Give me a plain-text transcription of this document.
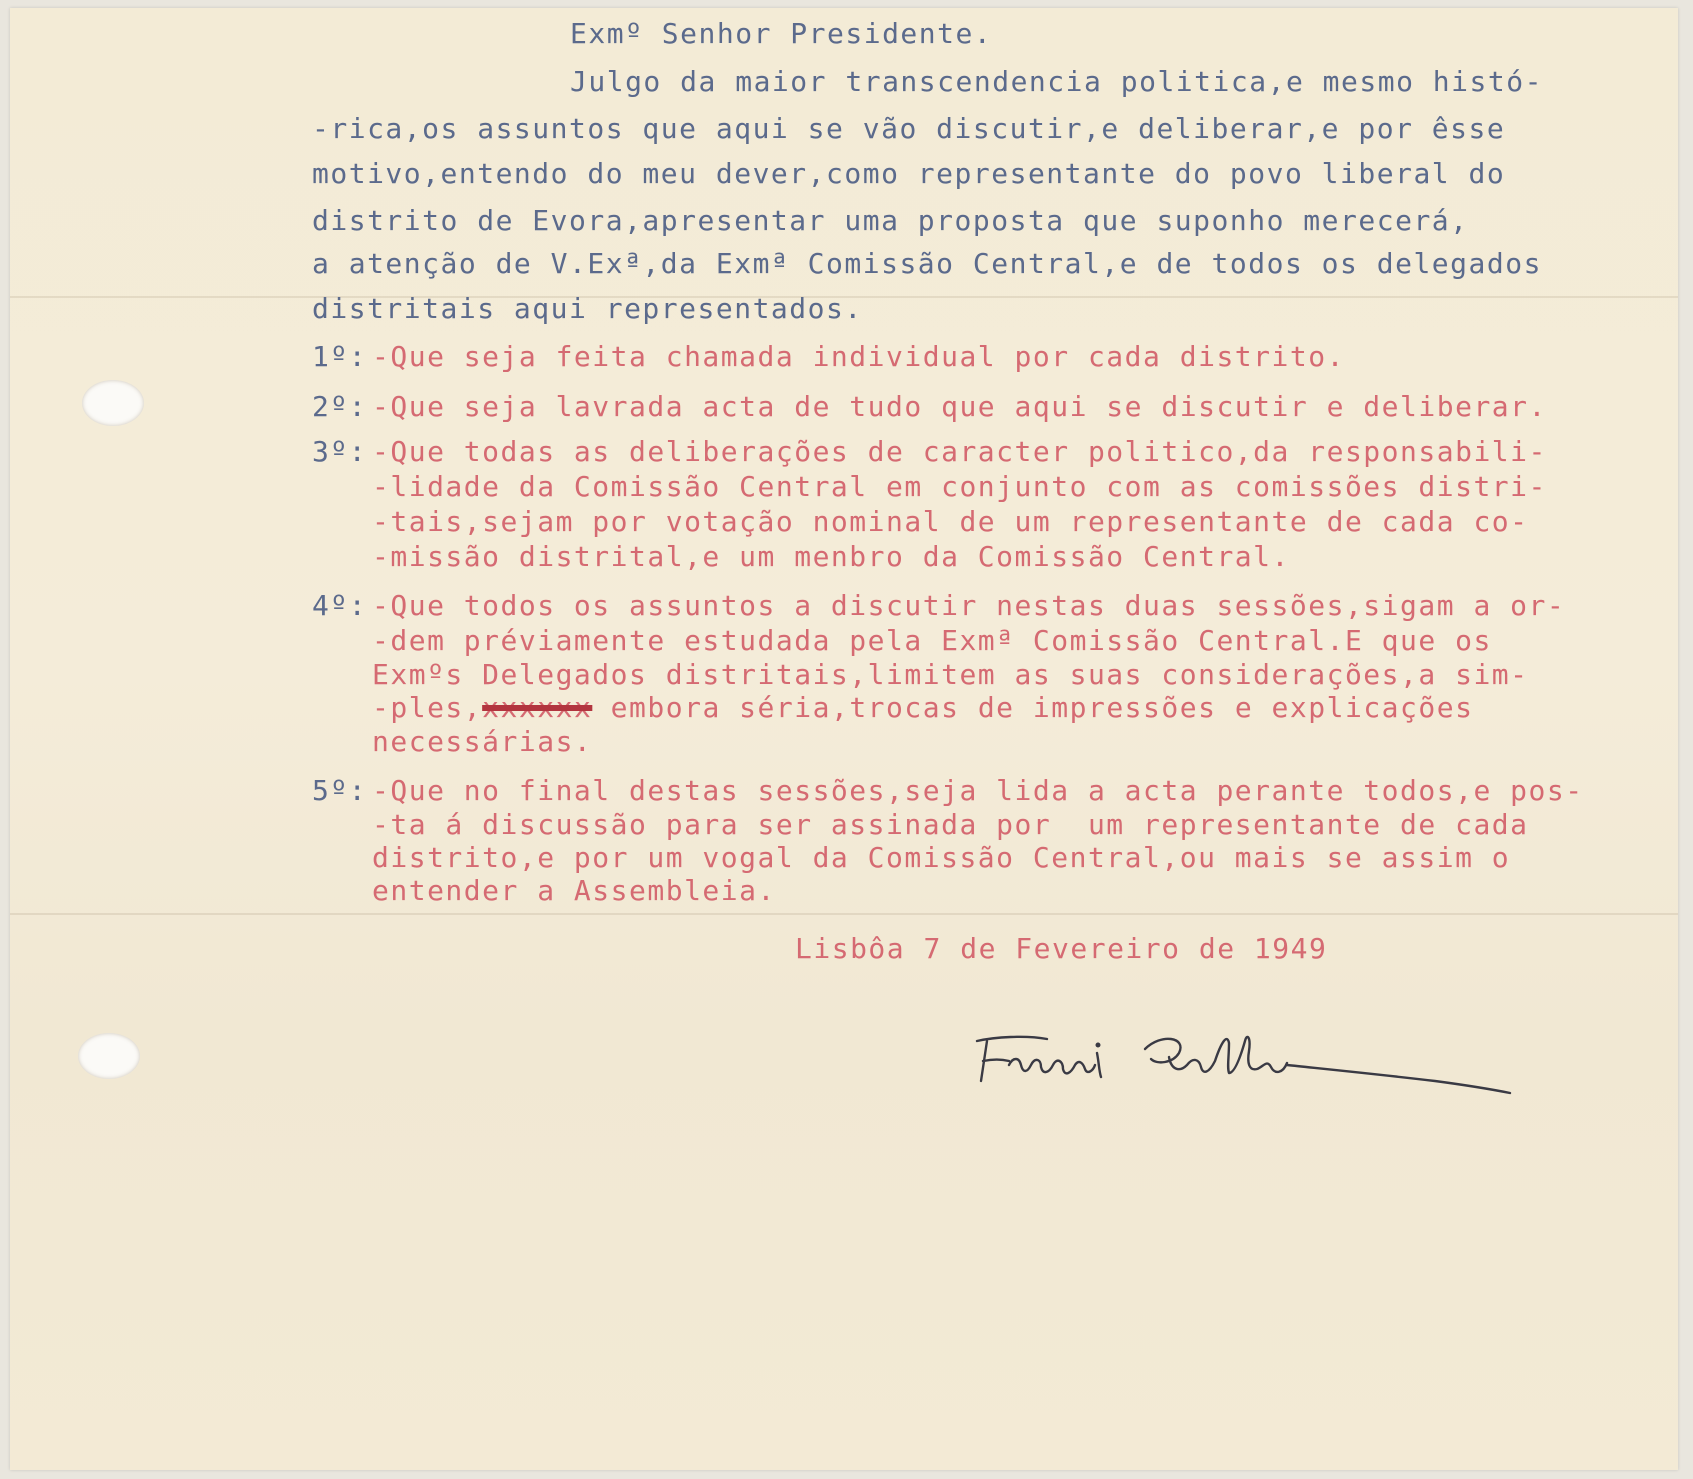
Exmº Senhor Presidente.
Julgo da maior transcendencia politica,e mesmo histó-
-rica,os assuntos que aqui se vão discutir,e deliberar,e por êsse
motivo,entendo do meu dever,como representante do povo liberal do
distrito de Evora,apresentar uma proposta que suponho merecerá,
a atenção de V.Exª,da Exmª Comissão Central,e de todos os delegados
distritais aqui representados.
1º: -Que seja feita chamada individual por cada distrito.
2º: -Que seja lavrada acta de tudo que aqui se discutir e deliberar.
3º: -Que todas as deliberações de caracter politico,da responsabili-
-lidade da Comissão Central em conjunto com as comissões distri-
-tais,sejam por votação nominal de um representante de cada co-
-missão distrital,e um menbro da Comissão Central.
4º: -Que todos os assuntos a discutir nestas duas sessões,sigam a or-
-dem préviamente estudada pela Exmª Comissão Central.E que os
Exmºs Delegados distritais,limitem as suas considerações,a sim-
-ples,xxxxxx embora séria,trocas de impressões e explicações
necessárias.
5º: -Que no final destas sessões,seja lida a acta perante todos,e pos-
-ta á discussão para ser assinada por  um representante de cada
distrito,e por um vogal da Comissão Central,ou mais se assim o
entender a Assembleia.
Lisbôa 7 de Fevereiro de 1949
